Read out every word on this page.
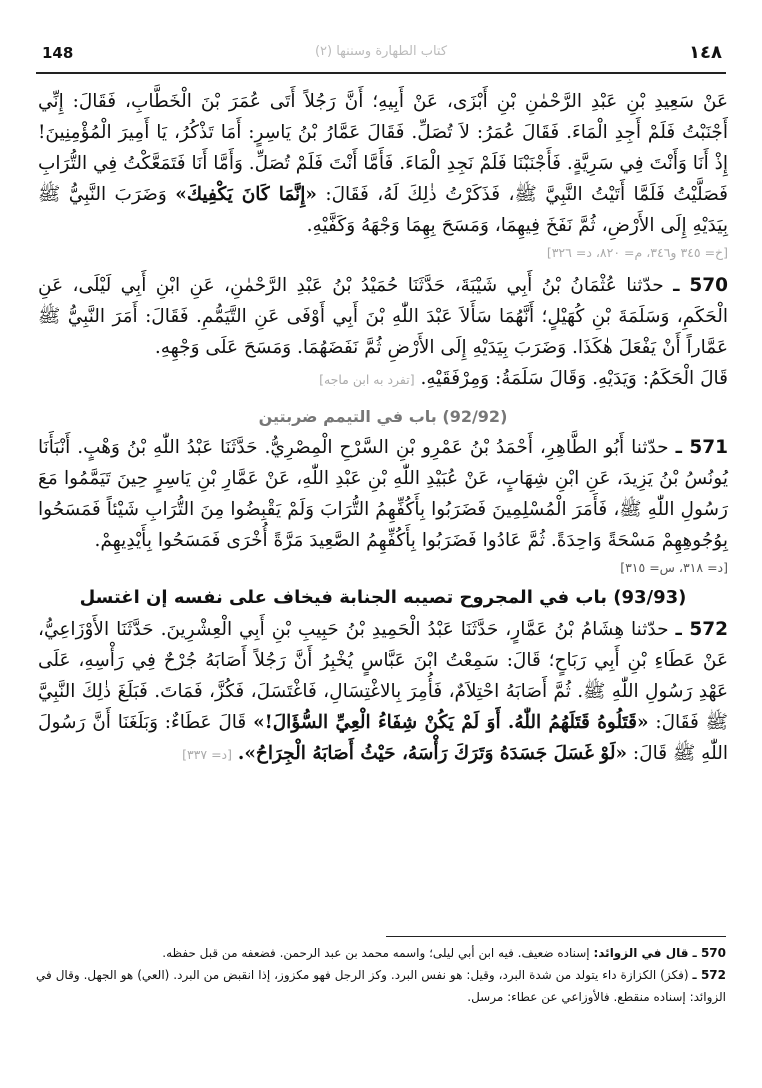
148	(٢) كتاب الطهارة وسننها	١٤٨

عَنْ سَعِيدِ بْنِ عَبْدِ الرَّحْمٰنِ بْنِ أَبْزَى، عَنْ أَبِيهِ؛ أَنَّ رَجُلاً أَتَى عُمَرَ بْنَ الْخَطَّابِ، فَقَالَ: إِنِّي أَجْنَبْتُ فَلَمْ أَجِدِ الْمَاءَ. فَقَالَ عُمَرُ: لاَ تُصَلِّ. فَقَالَ عَمَّارُ بْنُ يَاسِرٍ: أَمَا تَذْكُرُ، يَا أَمِيرَ الْمُؤْمِنِينَ! إِذْ أَنَا وَأَنْتَ فِي سَرِيَّةٍ. فَأَجْنَبْنَا فَلَمْ نَجِدِ الْمَاءَ. فَأَمَّا أَنْتَ فَلَمْ تُصَلِّ. وَأَمَّا أَنَا فَتَمَعَّكْتُ فِي التُّرَابِ فَصَلَّيْتُ فَلَمَّا أَتَيْتُ النَّبِيَّ ﷺ، فَذَكَرْتُ ذٰلِكَ لَهُ، فَقَالَ: «إِنَّمَا كَانَ يَكْفِيكَ» وَضَرَبَ النَّبِيُّ ﷺ بِيَدَيْهِ إِلَى الأَرْضِ، ثُمَّ نَفَخَ فِيهِمَا، وَمَسَحَ بِهِمَا وَجْهَهُ وَكَفَّيْهِ.

[خ= ٣٤٥ و٣٤٦، م= ٨٢٠، د= ٣٢٦]

570 ـ حدّثنا عُثْمَانُ بْنُ أَبِي شَيْبَةَ، حَدَّثَنَا حُمَيْدُ بْنُ عَبْدِ الرَّحْمٰنِ، عَنِ ابْنِ أَبِي لَيْلَى، عَنِ الْحَكَمِ، وَسَلَمَةَ بْنِ كُهَيْلٍ؛ أَنَّهُمَا سَأَلاَ عَبْدَ اللّٰهِ بْنَ أَبِي أَوْفَى عَنِ التَّيَمُّمِ. فَقَالَ: أَمَرَ النَّبِيُّ ﷺ عَمَّاراً أَنْ يَفْعَلَ هٰكَذَا. وَضَرَبَ بِيَدَيْهِ إِلَى الأَرْضِ ثُمَّ نَفَضَهُمَا. وَمَسَحَ عَلَى وَجْهِهِ.

قَالَ الْحَكَمُ: وَيَدَيْهِ. وَقَالَ سَلَمَةُ: وَمِرْفَقَيْهِ. [تفرد به ابن ماجه]

(92/92) باب في التيمم ضربتين

571 ـ حدّثنا أَبُو الطَّاهِرِ، أَحْمَدُ بْنُ عَمْرِو بْنِ السَّرْحِ الْمِصْرِيُّ. حَدَّثَنَا عَبْدُ اللّٰهِ بْنُ وَهْبٍ. أَنْبَأَنَا يُونُسُ بْنُ يَزِيدَ، عَنِ ابْنِ شِهَابٍ، عَنْ عُبَيْدِ اللّٰهِ بْنِ عَبْدِ اللّٰهِ، عَنْ عَمَّارِ بْنِ يَاسِرٍ حِينَ تَيَمَّمُوا مَعَ رَسُولِ اللّٰهِ ﷺ، فَأَمَرَ الْمُسْلِمِينَ فَضَرَبُوا بِأَكُفِّهِمُ التُّرَابَ وَلَمْ يَقْبِضُوا مِنَ التُّرَابِ شَيْئاً فَمَسَحُوا بِوُجُوهِهِمْ مَسْحَةً وَاحِدَةً. ثُمَّ عَادُوا فَضَرَبُوا بِأَكُفِّهِمُ الصَّعِيدَ مَرَّةً أُخْرَى فَمَسَحُوا بِأَيْدِيهِمْ.

[د= ٣١٨، س= ٣١٥]
(93/93) باب في المجروح تصيبه الجنابة فيخاف على نفسه إن اغتسل

572 ـ حدّثنا هِشَامُ بْنُ عَمَّارٍ، حَدَّثَنَا عَبْدُ الْحَمِيدِ بْنُ حَبِيبِ بْنِ أَبِي الْعِشْرِينَ. حَدَّثَنَا الأَوْزَاعِيُّ، عَنْ عَطَاءِ بْنِ أَبِي رَبَاحٍ؛ قَالَ: سَمِعْتُ ابْنَ عَبَّاسٍ يُخْبِرُ أَنَّ رَجُلاً أَصَابَهُ جُرْحٌ فِي رَأْسِهِ، عَلَى عَهْدِ رَسُولِ اللّٰهِ ﷺ. ثُمَّ أَصَابَهُ احْتِلاَمٌ، فَأُمِرَ بِالاغْتِسَالِ، فَاغْتَسَلَ، فَكُزَّ، فَمَاتَ. فَبَلَغَ ذٰلِكَ النَّبِيَّ ﷺ فَقَالَ: «قَتَلُوهُ قَتَلَهُمُ اللّٰهُ. أَوَ لَمْ يَكُنْ شِفَاءُ الْعِيِّ السُّؤَالَ!» قَالَ عَطَاءٌ: وَبَلَغَنَا أَنَّ رَسُولَ اللّٰهِ ﷺ قَالَ: «لَوْ غَسَلَ جَسَدَهُ وَتَرَكَ رَأْسَهُ، حَيْثُ أَصَابَهُ الْجِرَاحُ». [د= ٣٣٧]

570 ـ قال في الزوائد: إسناده ضعيف. فيه ابن أبي ليلى؛ واسمه محمد بن عبد الرحمن. فضعفه من قبل حفظه.

572 ـ (فكز) الكزازة داء يتولد من شدة البرد، وقيل: هو نفس البرد. وكز الرجل فهو مكزوز، إذا انقبض من البرد. (العي) هو الجهل. وقال في الزوائد: إسناده منقطع. فالأوزاعي عن عطاء: مرسل.
